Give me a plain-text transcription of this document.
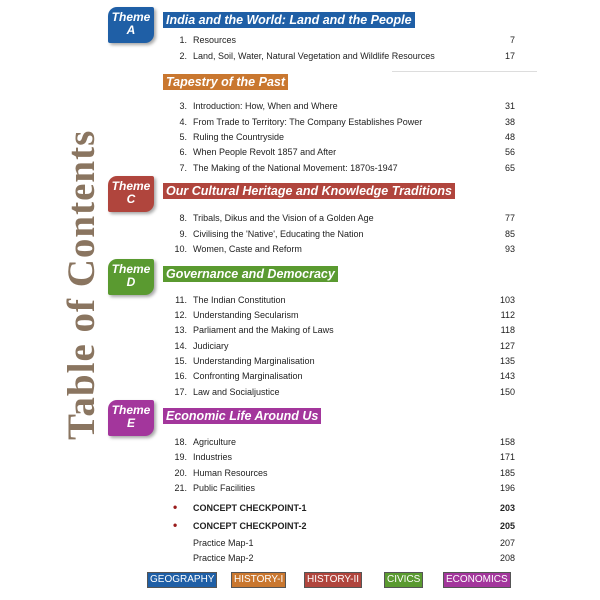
Table of Contents
Theme
A
India and the World: Land and the People
1. Resources	7
2. Land, Soil, Water, Natural Vegetation and Wildlife Resources	17
Tapestry of the Past
3. Introduction: How, When and Where	31
4. From Trade to Territory: The Company Establishes Power	38
5. Ruling the Countryside	48
6. When People Revolt 1857 and After	56
7. The Making of the National Movement: 1870s-1947	65
Theme
C
Our Cultural Heritage and Knowledge Traditions
8. Tribals, Dikus and the Vision of a Golden Age	77
9. Civilising the 'Native', Educating the Nation	85
10. Women, Caste and Reform	93
Theme
D
Governance and Democracy
11. The Indian Constitution	103
12. Understanding Secularism	112
13. Parliament and the Making of Laws	118
14. Judiciary	127
15. Understanding Marginalisation	135
16. Confronting Marginalisation	143
17. Law and Socialjustice	150
Theme
E	Economic Life Around Us
18. Agriculture	158
19. Industries	171
20. Human Resources	185
21. Public Facilities	196
• CONCEPT CHECKPOINT-1	203
• CONCEPT CHECKPOINT-2	205
Practice Map-1	207
Practice Map-2	208
GEOGRAPHY	HISTORY-I	HISTORY-II	CIVICS	ECONOMICS
